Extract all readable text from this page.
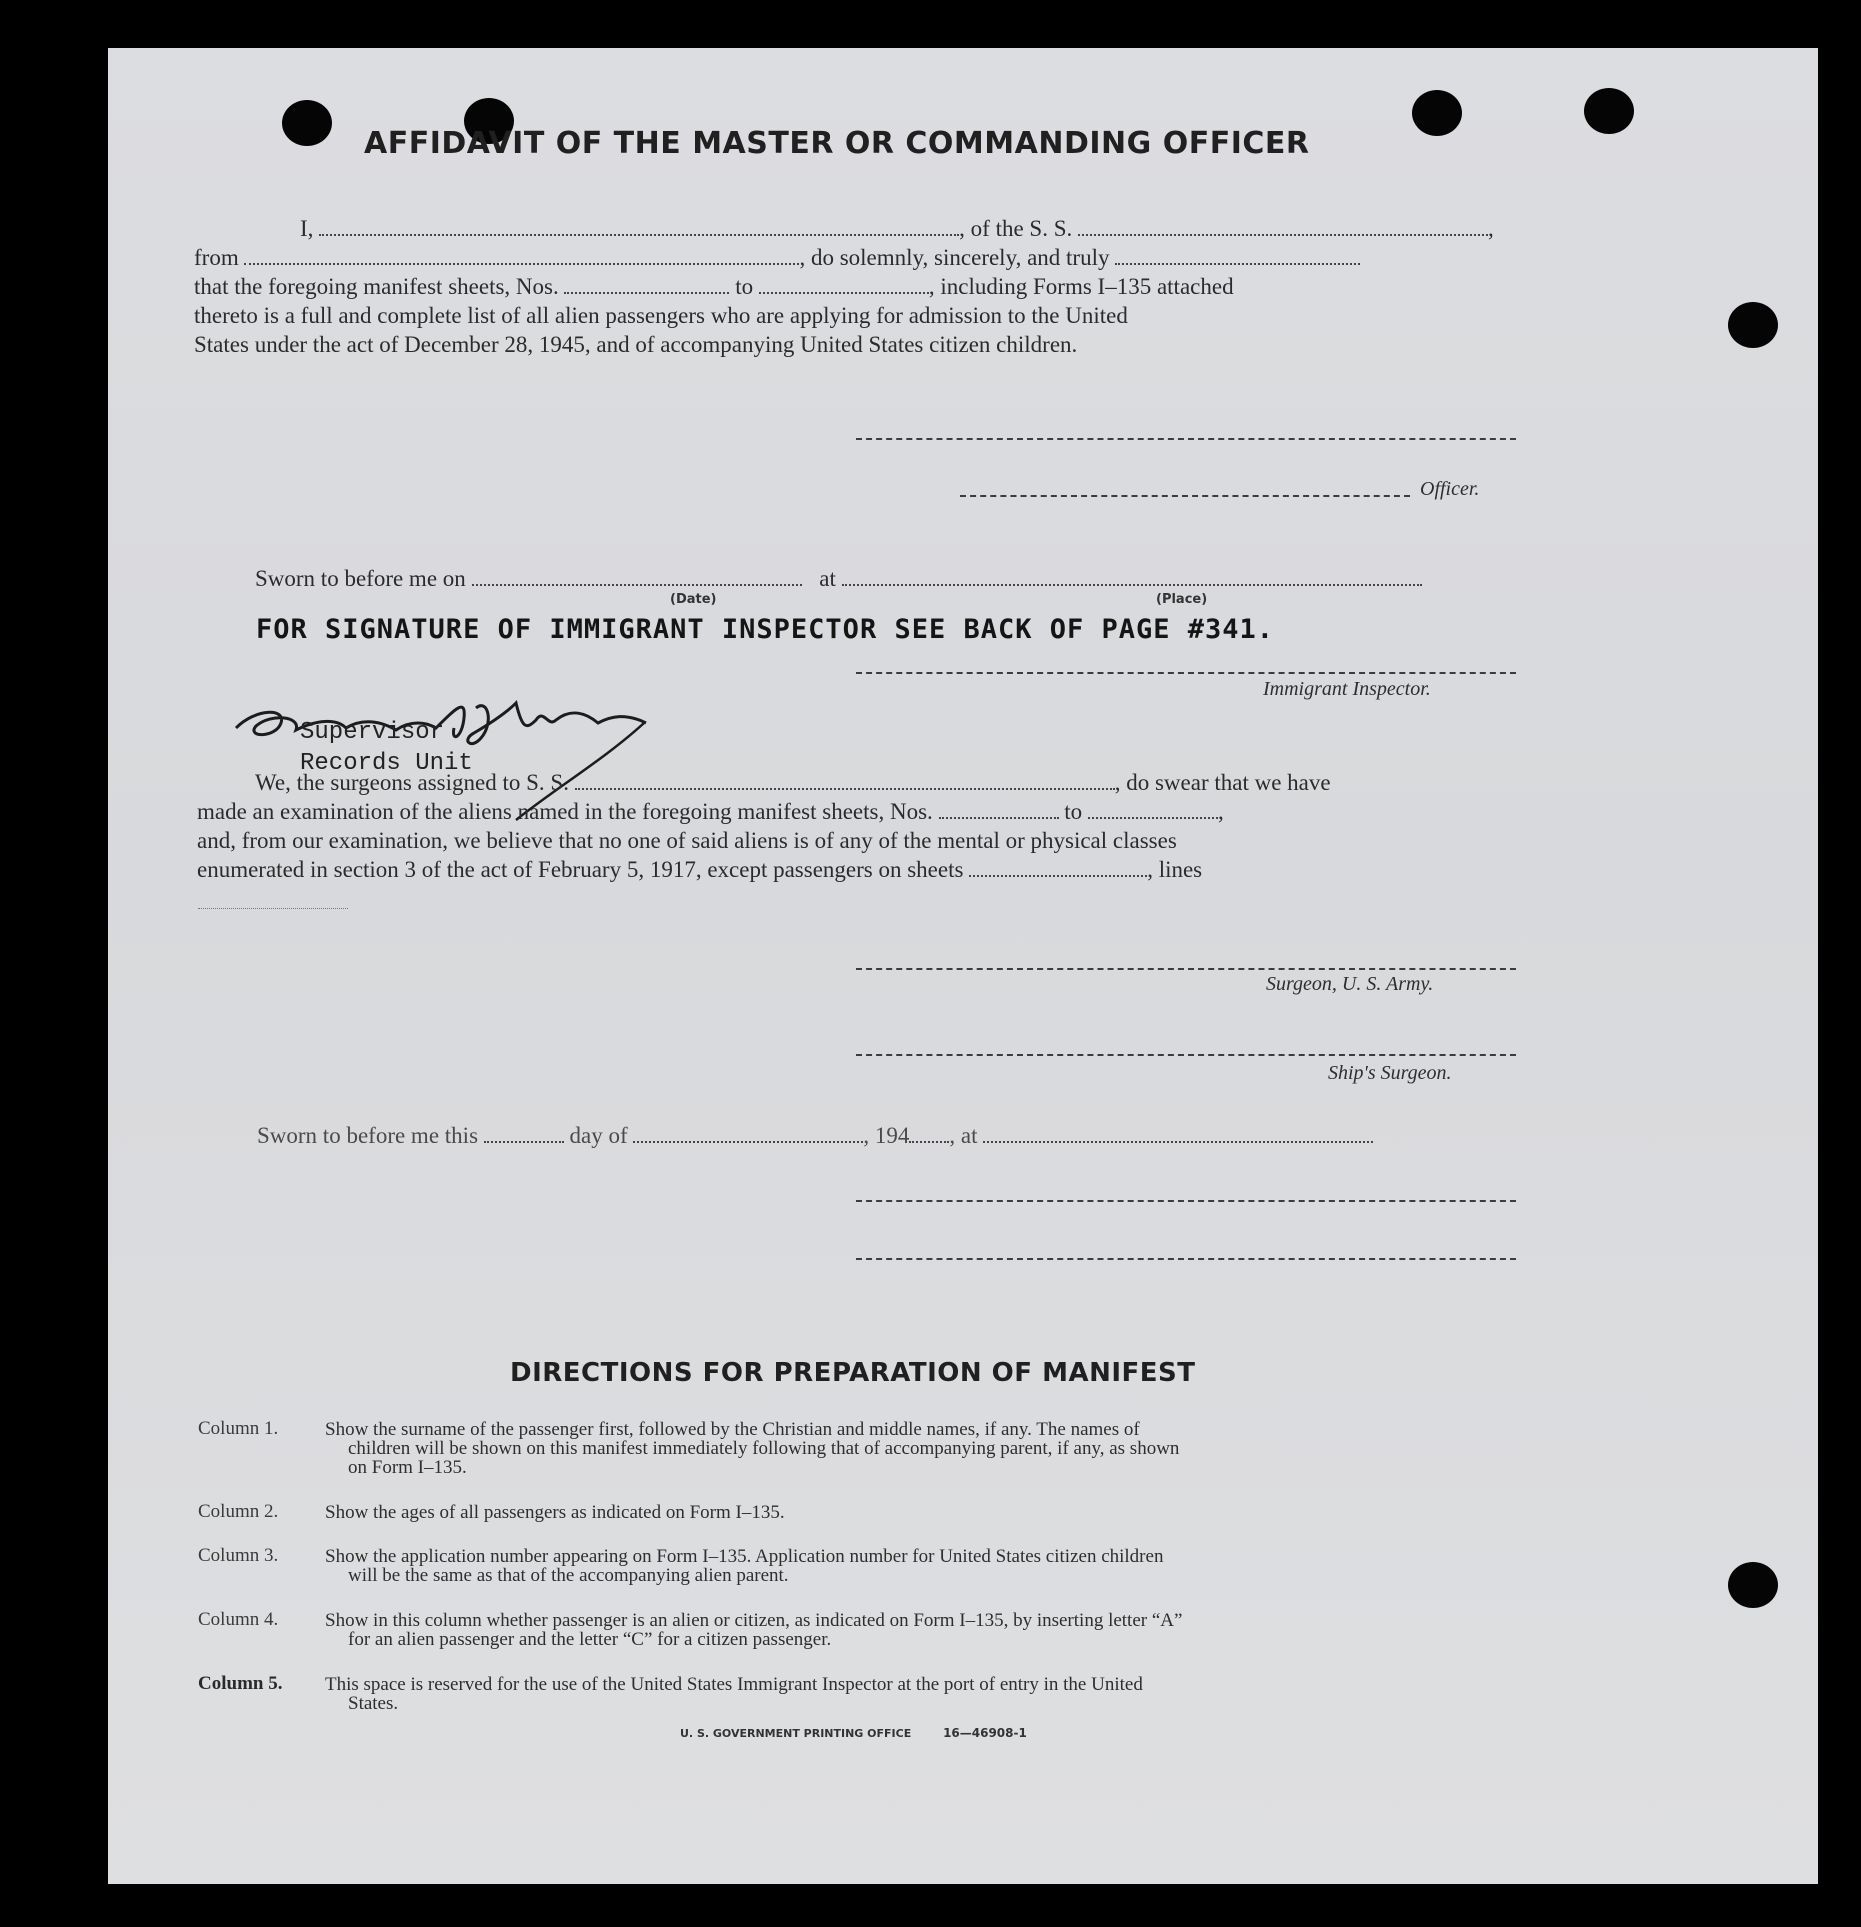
AFFIDAVIT OF THE MASTER OR COMMANDING OFFICER
I,	, of the S. S.	,
from	, do solemnly, sincerely, and truly
that the foregoing manifest sheets, Nos.	to	, including Forms I–135 attached
thereto is a full and complete list of all alien passengers who are applying for admission to the United
States under the act of December 28, 1945, and of accompanying United States citizen children.
Officer.
Sworn to before me on	at
(Date)	(Place)
FOR SIGNATURE OF IMMIGRANT INSPECTOR SEE BACK OF PAGE #341.
Immigrant Inspector.
Supervisor
Records Unit
We, the surgeons assigned to S. S.	, do swear that we have
made an examination of the aliens named in the foregoing manifest sheets, Nos.	to	,
and, from our examination, we believe that no one of said aliens is of any of the mental or physical classes
enumerated in section 3 of the act of February 5, 1917, except passengers on sheets	, lines
Surgeon, U. S. Army.
Ship's Surgeon.
Sworn to before me this	day of	, 194 , at
DIRECTIONS FOR PREPARATION OF MANIFEST
Column 1. Show the surname of the passenger first, followed by the Christian and middle names, if any. The names of
children will be shown on this manifest immediately following that of accompanying parent, if any, as shown
on Form I–135.
Column 2. Show the ages of all passengers as indicated on Form I–135.
Column 3. Show the application number appearing on Form I–135. Application number for United States citizen children
will be the same as that of the accompanying alien parent.
Column 4. Show in this column whether passenger is an alien or citizen, as indicated on Form I–135, by inserting letter “A”
for an alien passenger and the letter “C” for a citizen passenger.
Column 5. This space is reserved for the use of the United States Immigrant Inspector at the port of entry in the United
States.
U. S. GOVERNMENT PRINTING OFFICE	16—46908-1
